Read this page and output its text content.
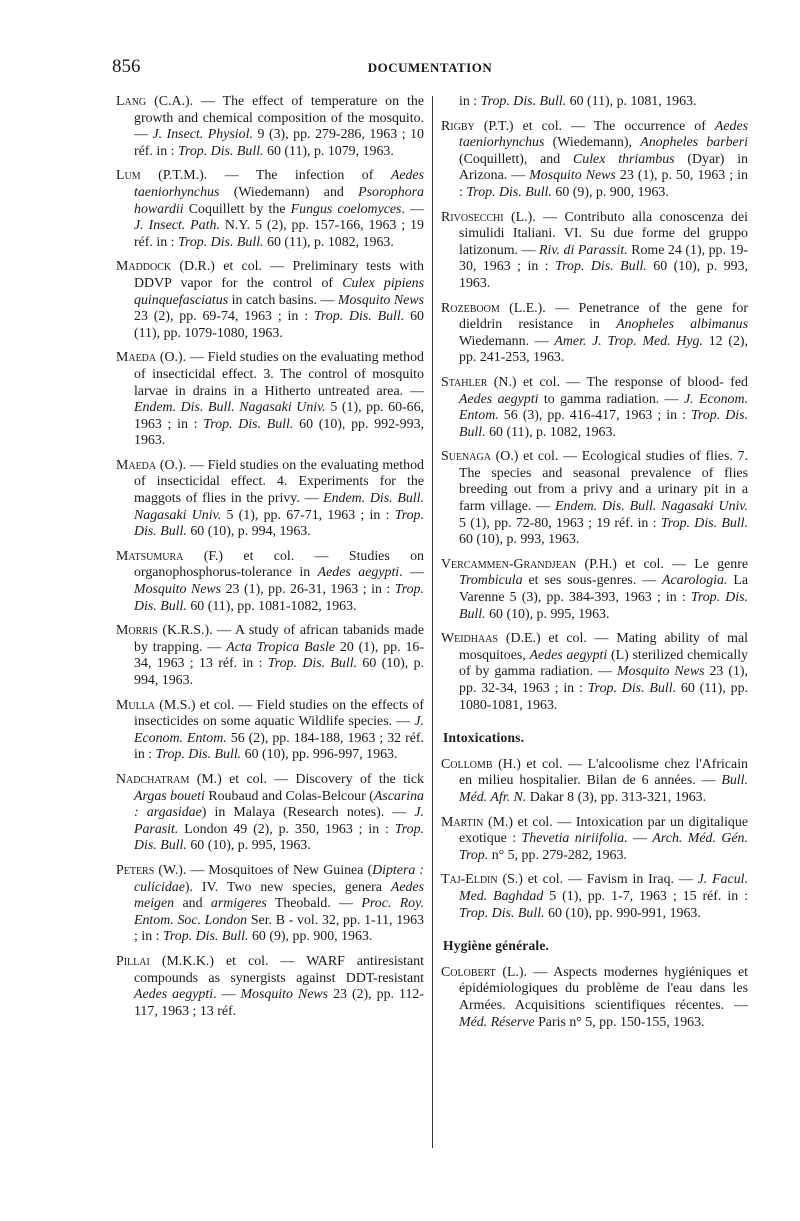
856	DOCUMENTATION

Lang (C.A.). — The effect of temperature on the growth and chemical composition of the mosquito. — J. Insect. Physiol. 9 (3), pp. 279-286, 1963 ; 10 réf. in : Trop. Dis. Bull. 60 (11), p. 1079, 1963.

Lum (P.T.M.). — The infection of Aedes taeniorhynchus (Wiedemann) and Psorophora howardii Coquillett by the Fungus coelomyces. — J. Insect. Path. N.Y. 5 (2), pp. 157-166, 1963 ; 19 réf. in : Trop. Dis. Bull. 60 (11), p. 1082, 1963.

Maddock (D.R.) et col. — Preliminary tests with DDVP vapor for the control of Culex pipiens quinquefasciatus in catch basins. — Mosquito News 23 (2), pp. 69-74, 1963 ; in : Trop. Dis. Bull. 60 (11), pp. 1079-1080, 1963.

Maeda (O.). — Field studies on the evaluating method of insecticidal effect. 3. The control of mosquito larvae in drains in a Hitherto untreated area. — Endem. Dis. Bull. Nagasaki Univ. 5 (1), pp. 60-66, 1963 ; in : Trop. Dis. Bull. 60 (10), pp. 992-993, 1963.

Maeda (O.). — Field studies on the evaluating method of insecticidal effect. 4. Experiments for the maggots of flies in the privy. — Endem. Dis. Bull. Nagasaki Univ. 5 (1), pp. 67-71, 1963 ; in : Trop. Dis. Bull. 60 (10), p. 994, 1963.

Matsumura (F.) et col. — Studies on organophosphorus-tolerance in Aedes aegypti. — Mosquito News 23 (1), pp. 26-31, 1963 ; in : Trop. Dis. Bull. 60 (11), pp. 1081-1082, 1963.

Morris (K.R.S.). — A study of african tabanids made by trapping. — Acta Tropica Basle 20 (1), pp. 16-34, 1963 ; 13 réf. in : Trop. Dis. Bull. 60 (10), p. 994, 1963.

Mulla (M.S.) et col. — Field studies on the effects of insecticides on some aquatic Wildlife species. — J. Econom. Entom. 56 (2), pp. 184-188, 1963 ; 32 réf. in : Trop. Dis. Bull. 60 (10), pp. 996-997, 1963.

Nadchatram (M.) et col. — Discovery of the tick Argas boueti Roubaud and Colas-Belcour (Ascarina : argasidae) in Malaya (Research notes). — J. Parasit. London 49 (2), p. 350, 1963 ; in : Trop. Dis. Bull. 60 (10), p. 995, 1963.

Peters (W.). — Mosquitoes of New Guinea (Diptera : culicidae). IV. Two new species, genera Aedes meigen and armigeres Theobald. — Proc. Roy. Entom. Soc. London Ser. B - vol. 32, pp. 1-11, 1963 ; in : Trop. Dis. Bull. 60 (9), pp. 900, 1963.

Pillai (M.K.K.) et col. — WARF antiresistant compounds as synergists against DDT-resistant Aedes aegypti. — Mosquito News 23 (2), pp. 112-117, 1963 ; 13 réf.

in : Trop. Dis. Bull. 60 (11), p. 1081, 1963.

Rigby (P.T.) et col. — The occurrence of Aedes taeniorhynchus (Wiedemann), Anopheles barberi (Coquillett), and Culex thriambus (Dyar) in Arizona. — Mosquito News 23 (1), p. 50, 1963 ; in : Trop. Dis. Bull. 60 (9), p. 900, 1963.

Rivosecchi (L.). — Contributo alla conoscenza dei simulidi Italiani. VI. Su due forme del gruppo latizonum. — Riv. di Parassit. Rome 24 (1), pp. 19-30, 1963 ; in : Trop. Dis. Bull. 60 (10), p. 993, 1963.

Rozeboom (L.E.). — Penetrance of the gene for dieldrin resistance in Anopheles albimanus Wiedemann. — Amer. J. Trop. Med. Hyg. 12 (2), pp. 241-253, 1963.

Stahler (N.) et col. — The response of blood- fed Aedes aegypti to gamma radiation. — J. Econom. Entom. 56 (3), pp. 416-417, 1963 ; in : Trop. Dis. Bull. 60 (11), p. 1082, 1963.

Suenaga (O.) et col. — Ecological studies of flies. 7. The species and seasonal prevalence of flies breeding out from a privy and a urinary pit in a farm village. — Endem. Dis. Bull. Nagasaki Univ. 5 (1), pp. 72-80, 1963 ; 19 réf. in : Trop. Dis. Bull. 60 (10), p. 993, 1963.

Vercammen-Grandjean (P.H.) et col. — Le genre Trombicula et ses sous-genres. — Acarologia. La Varenne 5 (3), pp. 384-393, 1963 ; in : Trop. Dis. Bull. 60 (10), p. 995, 1963.

Weidhaas (D.E.) et col. — Mating ability of mal mosquitoes, Aedes aegypti (L) sterilized chemically of by gamma radiation. — Mosquito News 23 (1), pp. 32-34, 1963 ; in : Trop. Dis. Bull. 60 (11), pp. 1080-1081, 1963.

Intoxications.

Collomb (H.) et col. — L'alcoolisme chez l'Africain en milieu hospitalier. Bilan de 6 années. — Bull. Méd. Afr. N. Dakar 8 (3), pp. 313-321, 1963.

Martin (M.) et col. — Intoxication par un digitalique exotique : Thevetia niriifolia. — Arch. Méd. Gén. Trop. n° 5, pp. 279-282, 1963.

Taj-Eldin (S.) et col. — Favism in Iraq. — J. Facul. Med. Baghdad 5 (1), pp. 1-7, 1963 ; 15 réf. in : Trop. Dis. Bull. 60 (10), pp. 990-991, 1963.

Hygiène générale.

Colobert (L.). — Aspects modernes hygiéniques et épidémiologiques du problème de l'eau dans les Armées. Acquisitions scientifiques récentes. — Méd. Réserve Paris n° 5, pp. 150-155, 1963.
